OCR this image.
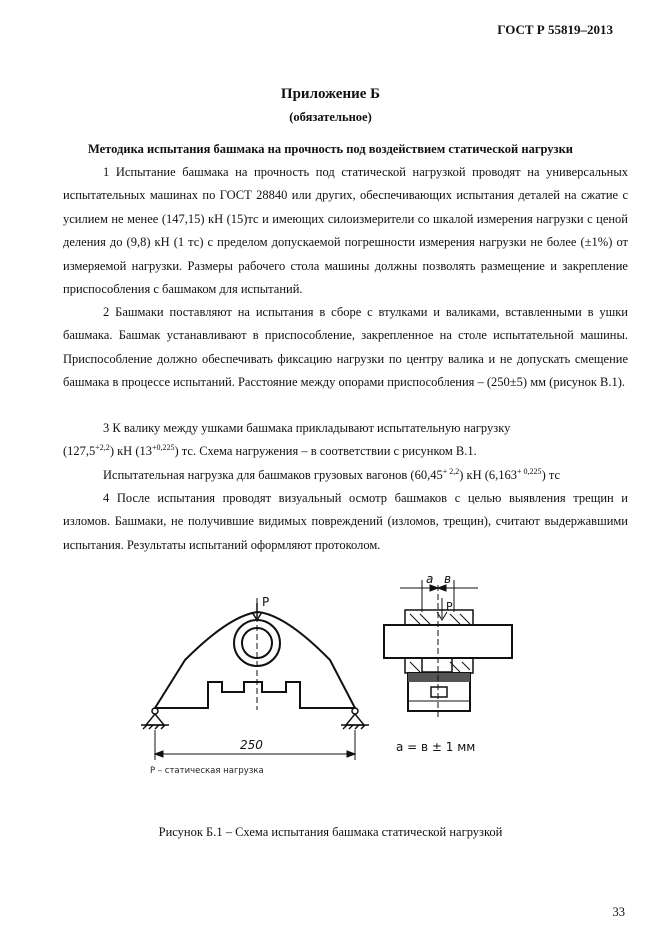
ГОСТ Р 55819–2013
Приложение Б
(обязательное)
Методика испытания башмака на прочность под воздействием статической нагрузки

1 Испытание башмака на прочность под статической нагрузкой проводят на универсальных испытательных машинах по ГОСТ 28840 или других, обеспечивающих испытания деталей на сжатие с усилием не менее (147,15) кН (15)тс и имеющих силоизмерители со шкалой измерения нагрузки с ценой деления до (9,8) кН (1 тс) с пределом допускаемой погрешности измерения нагрузки не более (±1%) от измеряемой нагрузки. Размеры рабочего стола машины должны позволять размещение и закрепление приспособления с башмаком для испытаний.

2 Башмаки поставляют на испытания в сборе с втулками и валиками, вставленными в ушки башмака. Башмак устанавливают в приспособление, закрепленное на столе испытательной машины. Приспособление должно обеспечивать фиксацию нагрузки по центру валика и не допускать смещение башмака в процессе испытаний. Расстояние между опорами приспособления – (250±5) мм (рисунок В.1).

3 К валику между ушками башмака прикладывают испытательную нагрузку

$(127,5^{+2,2})$ кН $(13^{+0,225})$ тс. Схема нагружения – в соответствии с рисунком В.1.
Испытательная нагрузка для башмаков грузовых вагонов $(60,45^{+ 2,2})$ кН $(6,163^{+ 0,225})$ тс

4 После испытания проводят визуальный осмотр башмаков с целью выявления трещин и изломов. Башмаки, не получившие видимых повреждений (изломов, трещин), считают выдержавшими испытания. Результаты испытаний оформляют протоколом.

P
250
P – статическая нагрузка
а в
P
а = в ± 1 мм
Рисунок Б.1 – Схема испытания башмака статической нагрузкой
33
